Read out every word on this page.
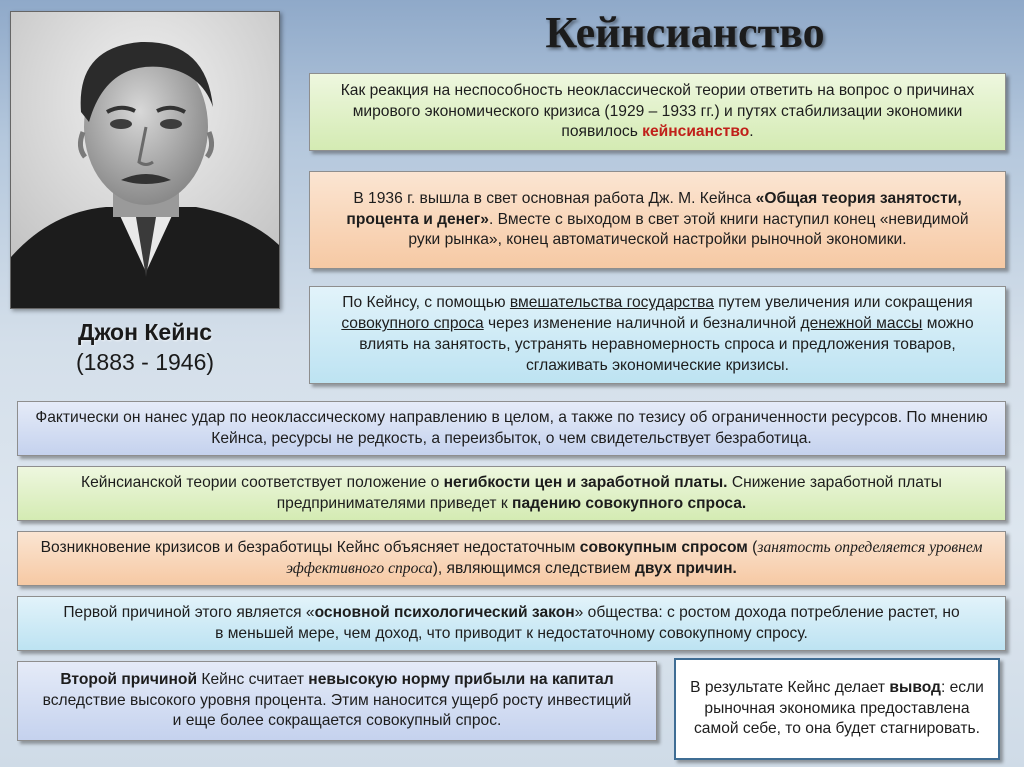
Кейнсианство
Джон Кейнс
(1883 - 1946)
Как реакция на неспособность неоклассической теории ответить на вопрос о причинах мирового экономического кризиса (1929 – 1933 гг.) и путях стабилизации экономики появилось кейнсианство.
В 1936 г. вышла в свет основная работа Дж. М. Кейнса «Общая теория занятости, процента и денег». Вместе с выходом в свет этой книги наступил конец «невидимой руки рынка», конец автоматической настройки рыночной экономики.
По Кейнсу, с помощью вмешательства государства путем увеличения или сокращения совокупного спроса через изменение наличной и безналичной денежной массы можно влиять на занятость, устранять неравномерность спроса и предложения товаров, сглаживать экономические кризисы.
Фактически он нанес удар по неоклассическому направлению в целом, а также по тезису об ограниченности ресурсов. По мнению Кейнса, ресурсы не редкость, а переизбыток, о чем свидетельствует безработица.
Кейнсианской теории соответствует положение о негибкости цен и заработной платы. Снижение заработной платы предпринимателями приведет к падению совокупного спроса.
Возникновение кризисов и безработицы Кейнс объясняет недостаточным совокупным спросом (занятость определяется уровнем эффективного спроса), являющимся следствием двух причин.
Первой причиной этого является «основной психологический закон» общества: с ростом дохода потребление растет, но в меньшей мере, чем доход, что приводит к недостаточному совокупному спросу.
Второй причиной Кейнс считает невысокую норму прибыли на капитал вследствие высокого уровня процента. Этим наносится ущерб росту инвестиций и еще более сокращается совокупный спрос.
В результате Кейнс делает вывод: если рыночная экономика предоставлена самой себе, то она будет стагнировать.
